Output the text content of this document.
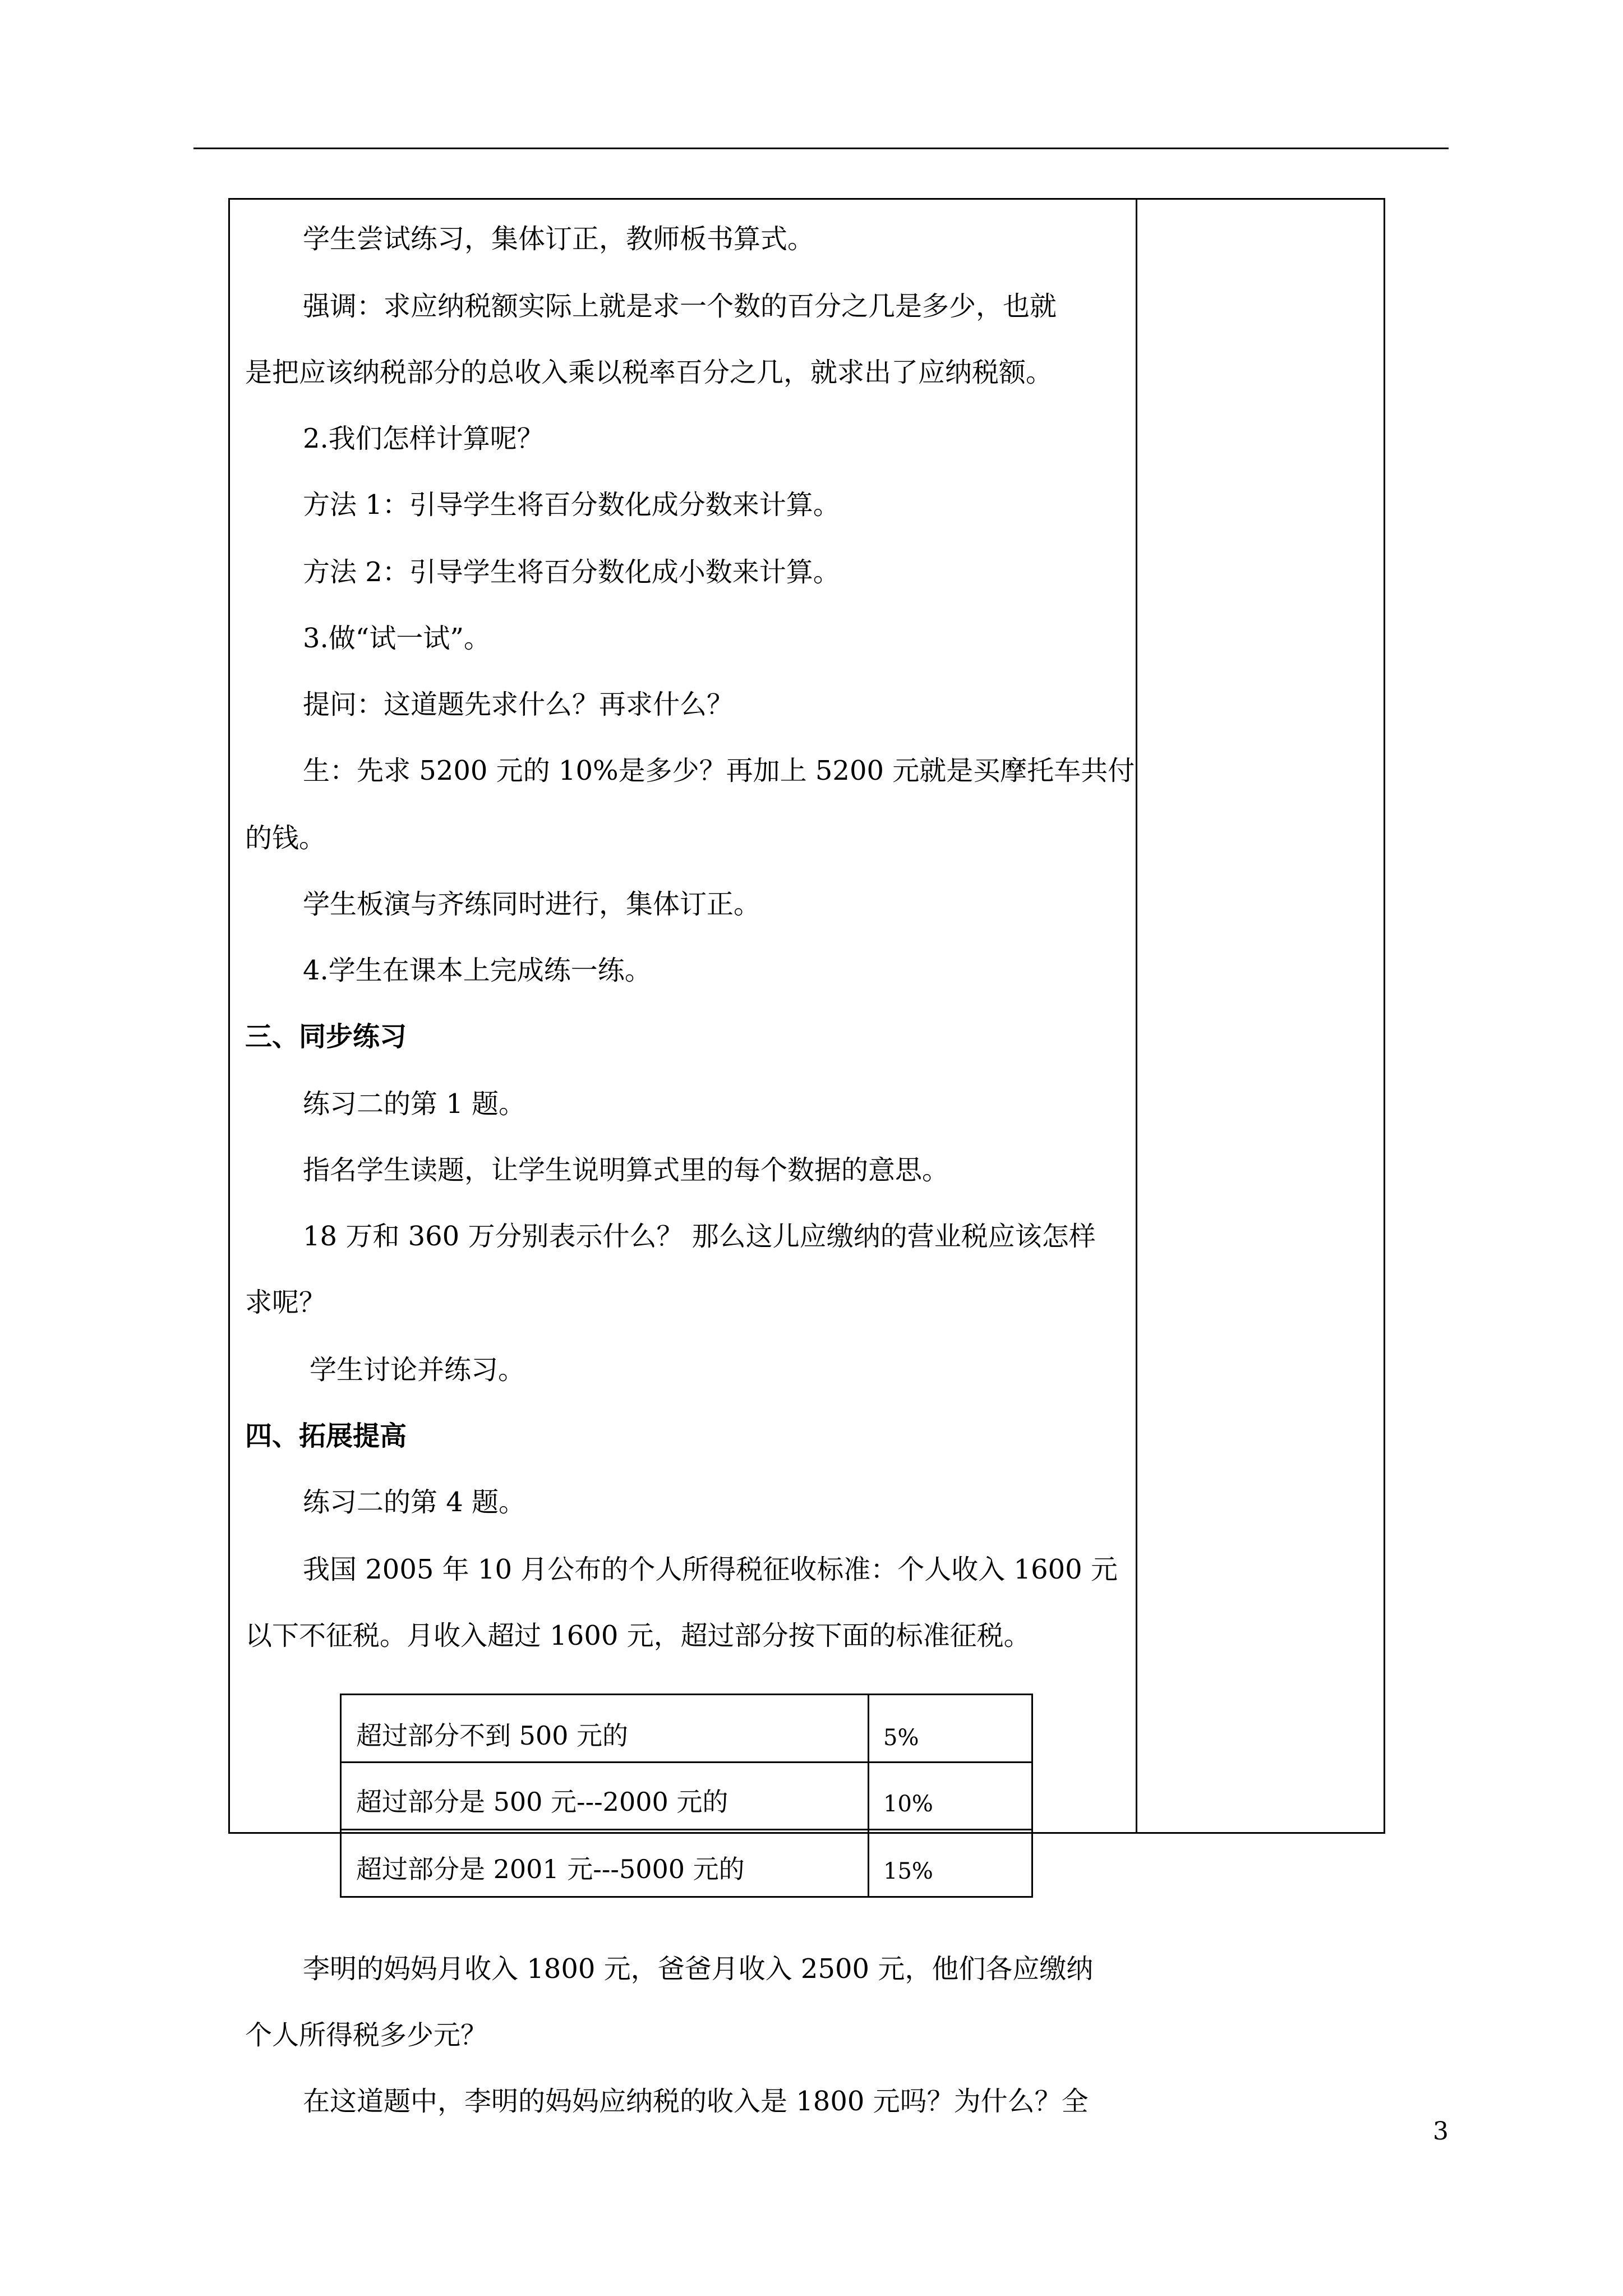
学生尝试练习，集体订正，教师板书算式。
强调：求应纳税额实际上就是求一个数的百分之几是多少，也就
是把应该纳税部分的总收入乘以税率百分之几，就求出了应纳税额。
2.我们怎样计算呢？
方法 1：引导学生将百分数化成分数来计算。
方法 2：引导学生将百分数化成小数来计算。
3.做“试一试”。
提问：这道题先求什么？再求什么？
生：先求 5200 元的 10%是多少？再加上 5200 元就是买摩托车共付
的钱。
学生板演与齐练同时进行，集体订正。
4.学生在课本上完成练一练。
三、同步练习
练习二的第 1 题。
指名学生读题，让学生说明算式里的每个数据的意思。
18 万和 360 万分别表示什么？ 那么这儿应缴纳的营业税应该怎样
求呢？
学生讨论并练习。
四、拓展提高
练习二的第 4 题。
我国 2005 年 10 月公布的个人所得税征收标准：个人收入 1600 元
以下不征税。月收入超过 1600 元，超过部分按下面的标准征税。
超过部分不到 500 元的	5%
超过部分是 500 元---2000 元的	10%
超过部分是 2001 元---5000 元的	15%
李明的妈妈月收入 1800 元，爸爸月收入 2500 元，他们各应缴纳
个人所得税多少元？
在这道题中，李明的妈妈应纳税的收入是 1800 元吗？为什么？全
3
